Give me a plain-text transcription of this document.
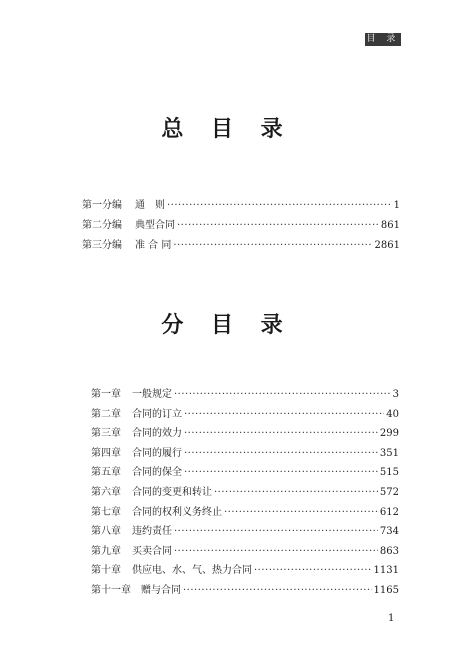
目 录
总 目 录
第一分编	通　则 ·····	1
第二分编	典型合同 ·····	861
第三分编	准 合 同 ·····	2861
分 目 录
第一章	一般规定 ·····	3
第二章	合同的订立 ·····	40
第三章	合同的效力 ·····	299
第四章	合同的履行 ·····	351
第五章	合同的保全 ·····	515
第六章	合同的变更和转让 ·····	572
第七章	合同的权利义务终止 ·····	612
第八章	违约责任 ·····	734
第九章	买卖合同 ·····	863
第十章	供应电、水、气、热力合同 ·····	1131
第十一章	赠与合同 ·····	1165
1
